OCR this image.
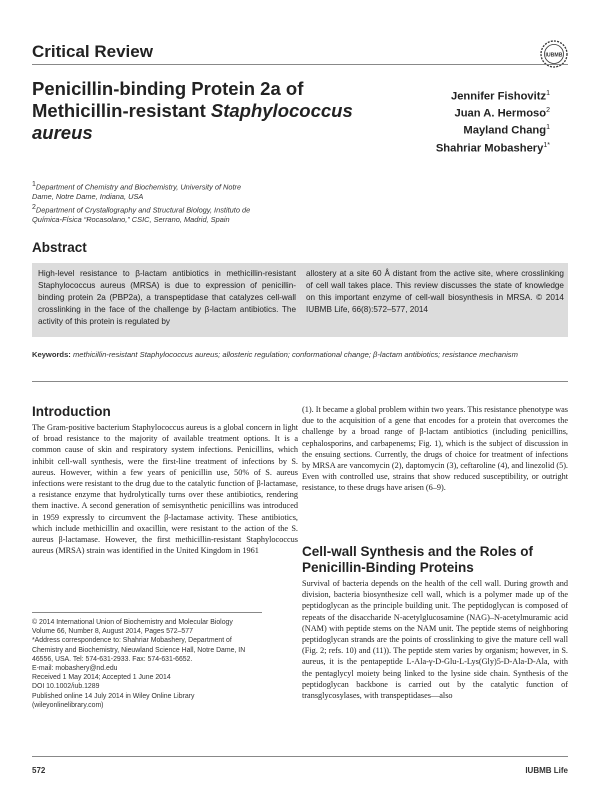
Critical Review	IUBMB
Penicillin-binding Protein 2a of
Methicillin-resistant Staphylococcus aureus
Jennifer Fishovitz$^1$
Juan A. Hermoso$^2$
Mayland Chang$^1$
Shahriar Mobashery$^{1*}$

$^1$Department of Chemistry and Biochemistry, University of Notre Dame, Notre Dame, Indiana, USA

$^2$Department of Crystallography and Structural Biology, Instituto de Química-Física “Rocasolano,” CSIC, Serrano, Madrid, Spain

Abstract
High-level resistance to β-lactam antibiotics in methicillin-resistant Staphylococcus aureus (MRSA) is due to expression of penicillin-binding protein 2a (PBP2a), a transpeptidase that catalyzes cell-wall crosslinking in the face of the challenge by β-lactam antibiotics. The activity of this protein is regulated by
allostery at a site 60 Å distant from the active site, where crosslinking of cell wall takes place. This review discusses the state of knowledge on this important enzyme of cell-wall biosynthesis in MRSA. © 2014 IUBMB Life, 66(8):572–577, 2014
Keywords: methicillin-resistant Staphylococcus aureus; allosteric regulation; conformational change; β-lactam antibiotics; resistance mechanism
Introduction

The Gram-positive bacterium Staphylococcus aureus is a global concern in light of broad resistance to the majority of available treatment options. It is a common cause of skin and respiratory system infections. Penicillins, which inhibit cell-wall synthesis, were the first-line treatment of infections by S. aureus. However, within a few years of penicillin use, 50% of S. aureus infections were resistant to the drug due to the catalytic function of β-lactamase, a resistance enzyme that hydrolytically turns over these antibiotics, rendering them inactive. A second generation of semisynthetic penicillins was introduced in 1959 expressly to circumvent the β-lactamase activity. These antibiotics, which include methicillin and oxacillin, were resistant to the action of the S. aureus β-lactamase. However, the first methicillin-resistant Staphylococcus aureus (MRSA) strain was identified in the United Kingdom in 1961

(1). It became a global problem within two years. This resistance phenotype was due to the acquisition of a gene that encodes for a protein that overcomes the challenge by a broad range of β-lactam antibiotics (including penicillins, cephalosporins, and carbapenems; Fig. 1), which is the subject of discussion in the ensuing sections. Currently, the drugs of choice for treatment of infections by MRSA are vancomycin (2), daptomycin (3), ceftaroline (4), and linezolid (5). Even with controlled use, strains that show reduced susceptibility, or outright resistance, to these drugs have arisen (6–9).

Cell-wall Synthesis and the Roles of
Penicillin-Binding Proteins

Survival of bacteria depends on the health of the cell wall. During growth and division, bacteria biosynthesize cell wall, which is a polymer made up of the peptidoglycan as the principle building unit. The peptidoglycan is composed of repeats of the disaccharide N-acetylglucosamine (NAG)–N-acetylmuramic acid (NAM) with peptide stems on the NAM unit. The peptide stems of neighboring peptidoglycan strands are the points of crosslinking to give the mature cell wall (Fig. 2; refs. 10) and (11)). The peptide stem varies by organism; however, in S. aureus, it is the pentapeptide L-Ala-γ-D-Glu-L-Lys(Gly)5-D-Ala-D-Ala, with the pentaglycyl moiety being linked to the lysine side chain. Synthesis of the peptidoglycan backbone is carried out by the catalytic function of transglycosylases, with transpeptidases—also

© 2014 International Union of Biochemistry and Molecular Biology

Volume 66, Number 8, August 2014, Pages 572–577

*Address correspondence to: Shahriar Mobashery, Department of Chemistry and Biochemistry, Nieuwland Science Hall, Notre Dame, IN 46556, USA. Tel: 574-631-2933. Fax: 574-631-6652.

E-mail: mobashery@nd.edu

Received 1 May 2014; Accepted 1 June 2014

DOI 10.1002/iub.1289

Published online 14 July 2014 in Wiley Online Library

(wileyonlinelibrary.com)

572	IUBMB Life
